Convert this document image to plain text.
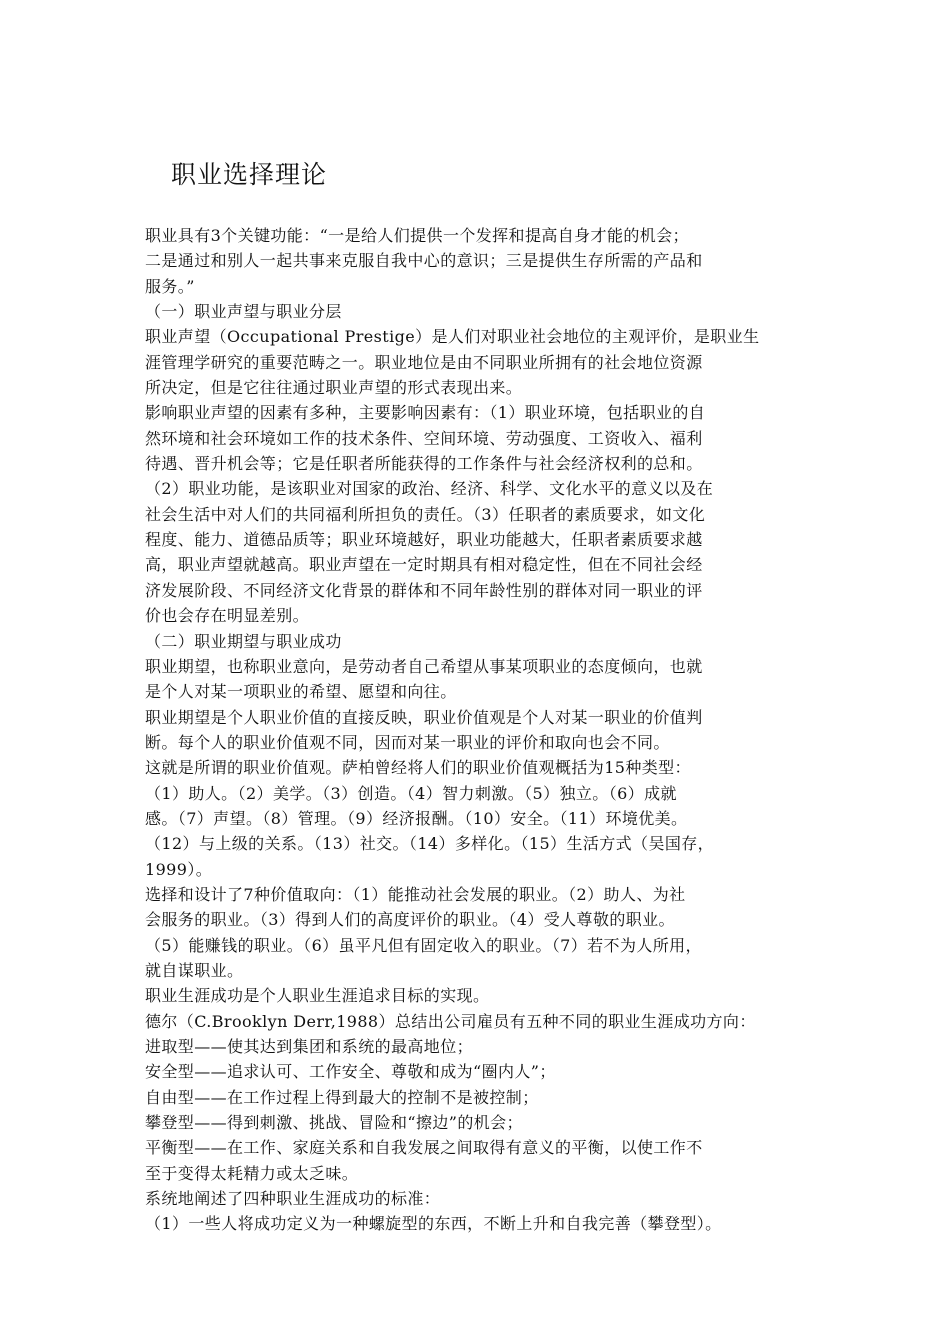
职业选择理论
职业具有3个关键功能：“一是给人们提供一个发挥和提高自身才能的机会；
二是通过和别人一起共事来克服自我中心的意识；三是提供生存所需的产品和
服务。”
（一）职业声望与职业分层
职业声望（Occupational Prestige）是人们对职业社会地位的主观评价，是职业生
涯管理学研究的重要范畴之一。职业地位是由不同职业所拥有的社会地位资源
所决定，但是它往往通过职业声望的形式表现出来。
影响职业声望的因素有多种，主要影响因素有：（1）职业环境，包括职业的自
然环境和社会环境如工作的技术条件、空间环境、劳动强度、工资收入、福利
待遇、晋升机会等；它是任职者所能获得的工作条件与社会经济权利的总和。
（2）职业功能，是该职业对国家的政治、经济、科学、文化水平的意义以及在
社会生活中对人们的共同福利所担负的责任。（3）任职者的素质要求，如文化
程度、能力、道德品质等；职业环境越好，职业功能越大，任职者素质要求越
高，职业声望就越高。职业声望在一定时期具有相对稳定性，但在不同社会经
济发展阶段、不同经济文化背景的群体和不同年龄性别的群体对同一职业的评
价也会存在明显差别。
（二）职业期望与职业成功
职业期望，也称职业意向，是劳动者自己希望从事某项职业的态度倾向，也就
是个人对某一项职业的希望、愿望和向往。
职业期望是个人职业价值的直接反映，职业价值观是个人对某一职业的价值判
断。每个人的职业价值观不同，因而对某一职业的评价和取向也会不同。
这就是所谓的职业价值观。萨柏曾经将人们的职业价值观概括为15种类型：
（1）助人。（2）美学。（3）创造。（4）智力刺激。（5）独立。（6）成就
感。（7）声望。（8）管理。（9）经济报酬。（10）安全。（11）环境优美。
（12）与上级的关系。（13）社交。（14）多样化。（15）生活方式（吴国存，
1999）。
选择和设计了7种价值取向：（1）能推动社会发展的职业。（2）助人、为社
会服务的职业。（3）得到人们的高度评价的职业。（4）受人尊敬的职业。
（5）能赚钱的职业。（6）虽平凡但有固定收入的职业。（7）若不为人所用，
就自谋职业。
职业生涯成功是个人职业生涯追求目标的实现。
德尔（C.Brooklyn Derr,1988）总结出公司雇员有五种不同的职业生涯成功方向：
进取型——使其达到集团和系统的最高地位；
安全型——追求认可、工作安全、尊敬和成为“圈内人”；
自由型——在工作过程上得到最大的控制不是被控制；
攀登型——得到刺激、挑战、冒险和“擦边”的机会；
平衡型——在工作、家庭关系和自我发展之间取得有意义的平衡，以使工作不
至于变得太耗精力或太乏味。
系统地阐述了四种职业生涯成功的标准：
（1）一些人将成功定义为一种螺旋型的东西，不断上升和自我完善（攀登型）。
